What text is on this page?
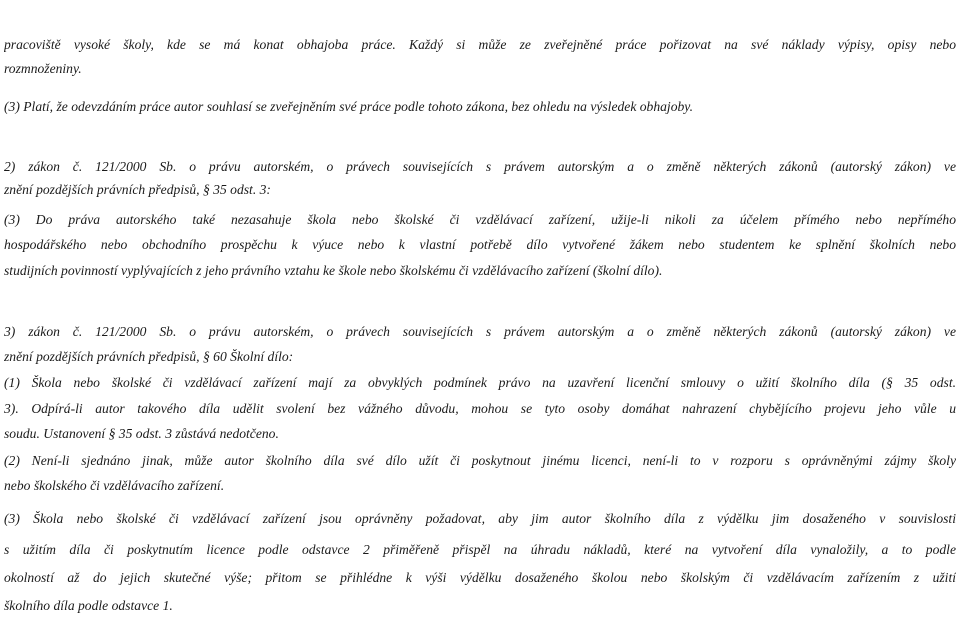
pracoviště vysoké školy, kde se má konat obhajoba práce. Každý si může ze zveřejněné práce pořizovat na své náklady výpisy, opisy nebo
rozmnoženiny.
(3) Platí, že odevzdáním práce autor souhlasí se zveřejněním své práce podle tohoto zákona, bez ohledu na výsledek obhajoby.
2) zákon č. 121/2000 Sb. o právu autorském, o právech souvisejících s právem autorským a o změně některých zákonů (autorský zákon) ve
znění pozdějších právních předpisů, § 35 odst. 3:
(3) Do práva autorského také nezasahuje škola nebo školské či vzdělávací zařízení, užije-li nikoli za účelem přímého nebo nepřímého
hospodářského nebo obchodního prospěchu k výuce nebo k vlastní potřebě dílo vytvořené žákem nebo studentem ke splnění školních nebo
studijních povinností vyplývajících z jeho právního vztahu ke škole nebo školskému či vzdělávacího zařízení (školní dílo).
3) zákon č. 121/2000 Sb. o právu autorském, o právech souvisejících s právem autorským a o změně některých zákonů (autorský zákon) ve
znění pozdějších právních předpisů, § 60 Školní dílo:
(1) Škola nebo školské či vzdělávací zařízení mají za obvyklých podmínek právo na uzavření licenční smlouvy o užití školního díla (§ 35 odst.
3). Odpírá-li autor takového díla udělit svolení bez vážného důvodu, mohou se tyto osoby domáhat nahrazení chybějícího projevu jeho vůle u
soudu. Ustanovení § 35 odst. 3 zůstává nedotčeno.
(2) Není-li sjednáno jinak, může autor školního díla své dílo užít či poskytnout jinému licenci, není-li to v rozporu s oprávněnými zájmy školy
nebo školského či vzdělávacího zařízení.
(3) Škola nebo školské či vzdělávací zařízení jsou oprávněny požadovat, aby jim autor školního díla z výdělku jim dosaženého v souvislosti
s užitím díla či poskytnutím licence podle odstavce 2 přiměřeně přispěl na úhradu nákladů, které na vytvoření díla vynaložily, a to podle
okolností až do jejich skutečné výše; přitom se přihlédne k výši výdělku dosaženého školou nebo školským či vzdělávacím zařízením z užití
školního díla podle odstavce 1.
